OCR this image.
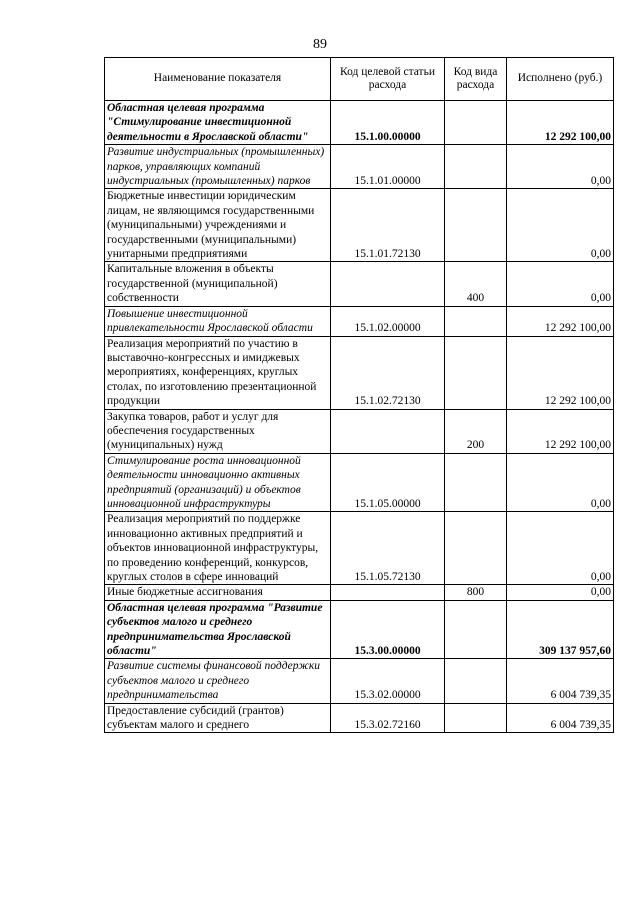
89
Наименование показателя	Код целевой статьи расхода	Код вида расхода	Исполнено (руб.)
Областная целевая программа "Стимулирование инвестиционной деятельности в Ярославской области"	15.1.00.00000		12 292 100,00
Развитие индустриальных (промышленных) парков, управляющих компаний индустриальных (промышленных) парков	15.1.01.00000		0,00
Бюджетные инвестиции юридическим лицам, не являющимся государственными (муниципальными) учреждениями и государственными (муниципальными) унитарными предприятиями	15.1.01.72130		0,00
Капитальные вложения в объекты государственной (муниципальной) собственности		400	0,00
Повышение инвестиционной привлекательности Ярославской области	15.1.02.00000		12 292 100,00
Реализация мероприятий по участию в выставочно-конгрессных и имиджевых мероприятиях, конференциях, круглых столах, по изготовлению презентационной продукции	15.1.02.72130		12 292 100,00
Закупка товаров, работ и услуг для обеспечения государственных (муниципальных) нужд		200	12 292 100,00
Стимулирование роста инновационной деятельности инновационно активных предприятий (организаций) и объектов инновационной инфраструктуры	15.1.05.00000		0,00
Реализация мероприятий по поддержке инновационно активных предприятий и объектов инновационной инфраструктуры, по проведению конференций, конкурсов, круглых столов в сфере инноваций	15.1.05.72130		0,00
Иные бюджетные ассигнования		800	0,00
Областная целевая программа "Развитие субъектов малого и среднего предпринимательства Ярославской области"	15.3.00.00000		309 137 957,60
Развитие системы финансовой поддержки субъектов малого и среднего предпринимательства	15.3.02.00000		6 004 739,35
Предоставление субсидий (грантов) субъектам малого и среднего	15.3.02.72160		6 004 739,35
